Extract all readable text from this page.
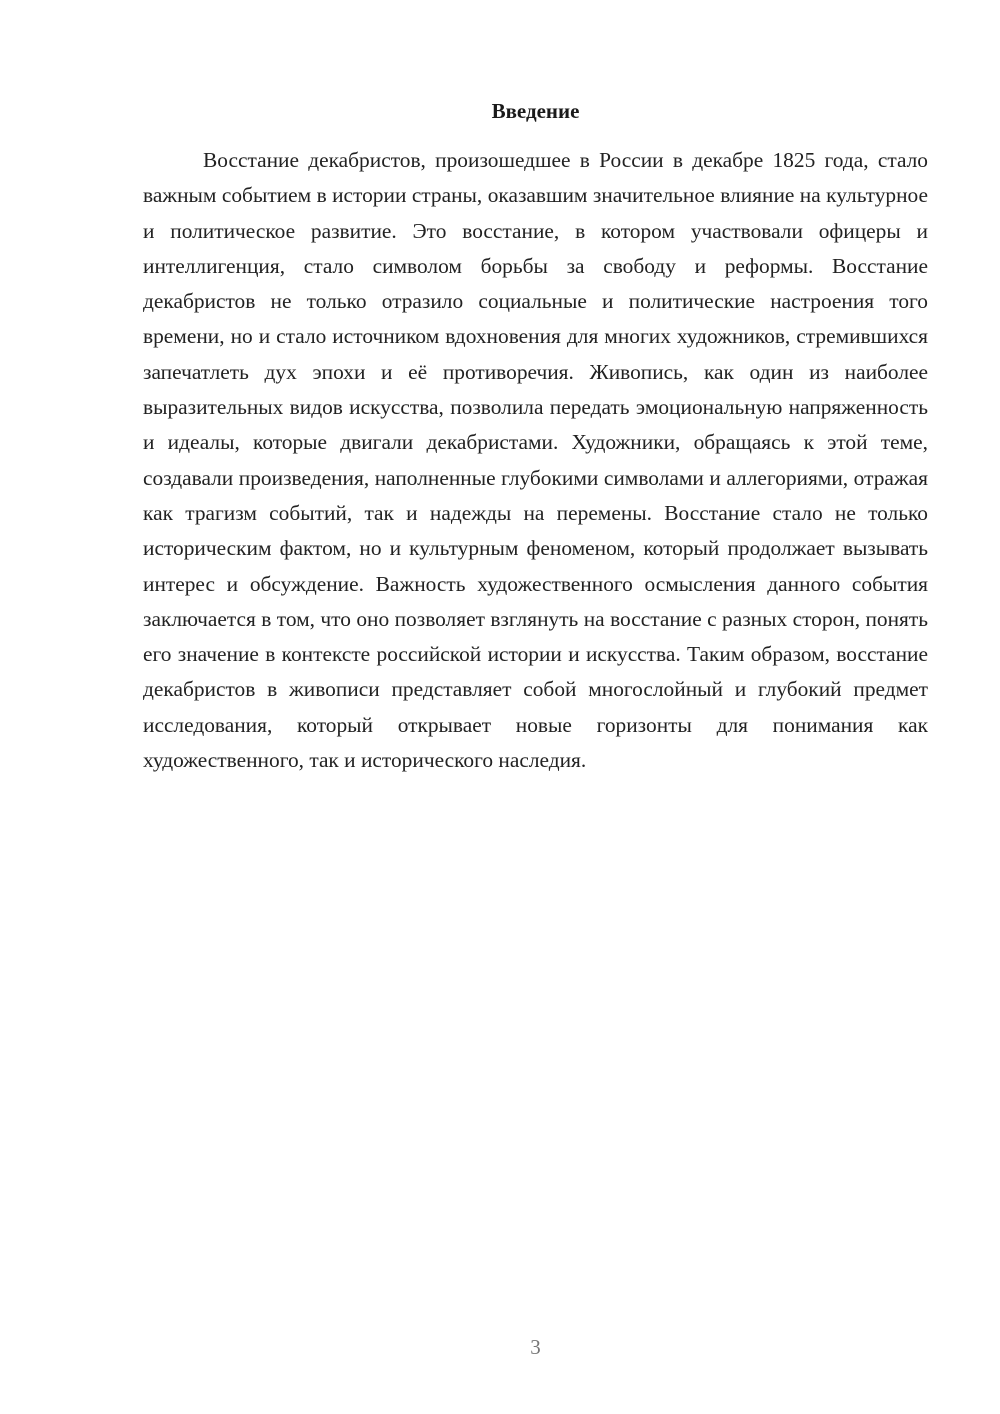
Введение

Восстание декабристов, произошедшее в России в декабре 1825 года, стало важным событием в истории страны, оказавшим значительное влияние на культурное и политическое развитие. Это восстание, в котором участвовали офицеры и интеллигенция, стало символом борьбы за свободу и реформы. Восстание декабристов не только отразило социальные и политические настроения того времени, но и стало источником вдохновения для многих художников, стремившихся запечатлеть дух эпохи и её противоречия. Живопись, как один из наиболее выразительных видов искусства, позволила передать эмоциональную напряженность и идеалы, которые двигали декабристами. Художники, обращаясь к этой теме, создавали произведения, наполненные глубокими символами и аллегориями, отражая как трагизм событий, так и надежды на перемены. Восстание стало не только историческим фактом, но и культурным феноменом, который продолжает вызывать интерес и обсуждение. Важность художественного осмысления данного события заключается в том, что оно позволяет взглянуть на восстание с разных сторон, понять его значение в контексте российской истории и искусства. Таким образом, восстание декабристов в живописи представляет собой многослойный и глубокий предмет исследования, который открывает новые горизонты для понимания как художественного, так и исторического наследия.

3
